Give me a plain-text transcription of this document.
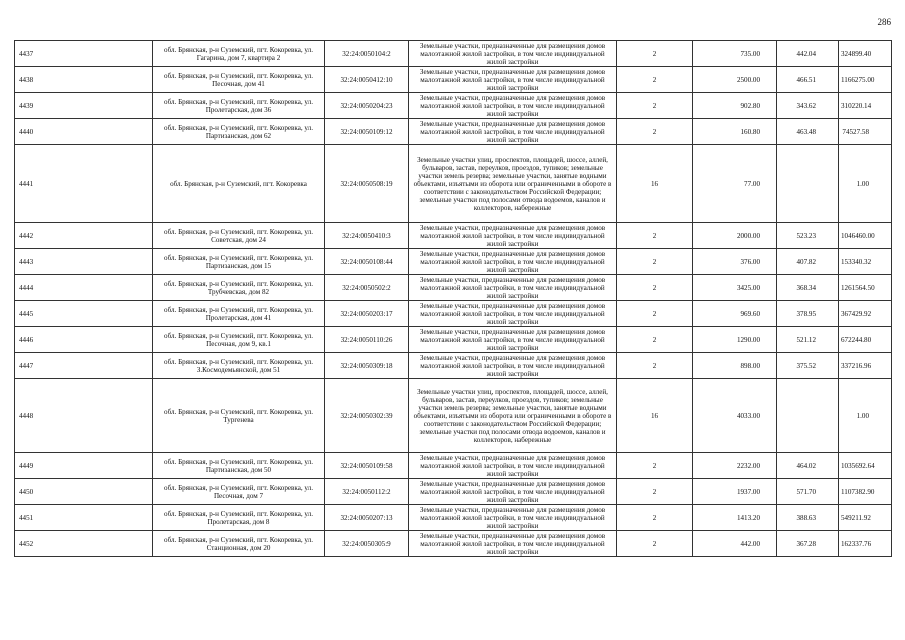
286
4437	обл. Брянская, р-н Суземский, пгт. Кокоревка, ул. Гагарина, дом 7, квартира 2	32:24:0050104:2	Земельные участки, предназначенные для размещения домов малоэтажной жилой застройки, в том числе индивидуальной жилой застройки	2	735.00	442.04	324899.40
4438	обл. Брянская, р-н Суземский, пгт. Кокоревка, ул. Песочная, дом 41	32:24:0050412:10	Земельные участки, предназначенные для размещения домов малоэтажной жилой застройки, в том числе индивидуальной жилой застройки	2	2500.00	466.51	1166275.00
4439	обл. Брянская, р-н Суземский, пгт. Кокоревка, ул. Пролетарская, дом 36	32:24:0050204:23	Земельные участки, предназначенные для размещения домов малоэтажной жилой застройки, в том числе индивидуальной жилой застройки	2	902.80	343.62	310220.14
4440	обл. Брянская, р-н Суземский, пгт. Кокоревка, ул. Партизанская, дом 62	32:24:0050109:12	Земельные участки, предназначенные для размещения домов малоэтажной жилой застройки, в том числе индивидуальной жилой застройки	2	160.80	463.48	74527.58
4441	обл. Брянская, р-н Суземский, пгт. Кокоревка	32:24:0050508:19	Земельные участки улиц, проспектов, площадей, шоссе, аллей, бульваров, застав, переулков, проездов, тупиков; земельные участки земель резерва; земельные участки, занятые водными объектами, изъятыми из оборота или ограниченными в обороте в соответствии с законодательством Российской Федерации; земельные участки под полосами отвода водоемов, каналов и коллекторов, набережные	16	77.00		1.00
4442	обл. Брянская, р-н Суземский, пгт. Кокоревка, ул. Советская, дом 24	32:24:0050410:3	Земельные участки, предназначенные для размещения домов малоэтажной жилой застройки, в том числе индивидуальной жилой застройки	2	2000.00	523.23	1046460.00
4443	обл. Брянская, р-н Суземский, пгт. Кокоревка, ул. Партизанская, дом 15	32:24:0050108:44	Земельные участки, предназначенные для размещения домов малоэтажной жилой застройки, в том числе индивидуальной жилой застройки	2	376.00	407.82	153340.32
4444	обл. Брянская, р-н Суземский, пгт. Кокоревка, ул. Трубчевская, дом 82	32:24:0050502:2	Земельные участки, предназначенные для размещения домов малоэтажной жилой застройки, в том числе индивидуальной жилой застройки	2	3425.00	368.34	1261564.50
4445	обл. Брянская, р-н Суземский, пгт. Кокоревка, ул. Пролетарская, дом 41	32:24:0050203:17	Земельные участки, предназначенные для размещения домов малоэтажной жилой застройки, в том числе индивидуальной жилой застройки	2	969.60	378.95	367429.92
4446	обл. Брянская, р-н Суземский, пгт. Кокоревка, ул. Песочная, дом 9, кв.1	32:24:0050110:26	Земельные участки, предназначенные для размещения домов малоэтажной жилой застройки, в том числе индивидуальной жилой застройки	2	1290.00	521.12	672244.80
4447	обл. Брянская, р-н Суземский, пгт. Кокоревка, ул. З.Космодемьянской, дом 51	32:24:0050309:18	Земельные участки, предназначенные для размещения домов малоэтажной жилой застройки, в том числе индивидуальной жилой застройки	2	898.00	375.52	337216.96
4448	обл. Брянская, р-н Суземский, пгт. Кокоревка, ул. Тургенева	32:24:0050302:39	Земельные участки улиц, проспектов, площадей, шоссе, аллей, бульваров, застав, переулков, проездов, тупиков; земельные участки земель резерва; земельные участки, занятые водными объектами, изъятыми из оборота или ограниченными в обороте в соответствии с законодательством Российской Федерации; земельные участки под полосами отвода водоемов, каналов и коллекторов, набережные	16	4033.00		1.00
4449	обл. Брянская, р-н Суземский, пгт. Кокоревка, ул. Партизанская, дом 50	32:24:0050109:58	Земельные участки, предназначенные для размещения домов малоэтажной жилой застройки, в том числе индивидуальной жилой застройки	2	2232.00	464.02	1035692.64
4450	обл. Брянская, р-н Суземский, пгт. Кокоревка, ул. Песочная, дом 7	32:24:0050112:2	Земельные участки, предназначенные для размещения домов малоэтажной жилой застройки, в том числе индивидуальной жилой застройки	2	1937.00	571.70	1107382.90
4451	обл. Брянская, р-н Суземский, пгт. Кокоревка, ул. Пролетарская, дом 8	32:24:0050207:13	Земельные участки, предназначенные для размещения домов малоэтажной жилой застройки, в том числе индивидуальной жилой застройки	2	1413.20	388.63	549211.92
4452	обл. Брянская, р-н Суземский, пгт. Кокоревка, ул. Станционная, дом 20	32:24:0050305:9	Земельные участки, предназначенные для размещения домов малоэтажной жилой застройки, в том числе индивидуальной жилой застройки	2	442.00	367.28	162337.76
